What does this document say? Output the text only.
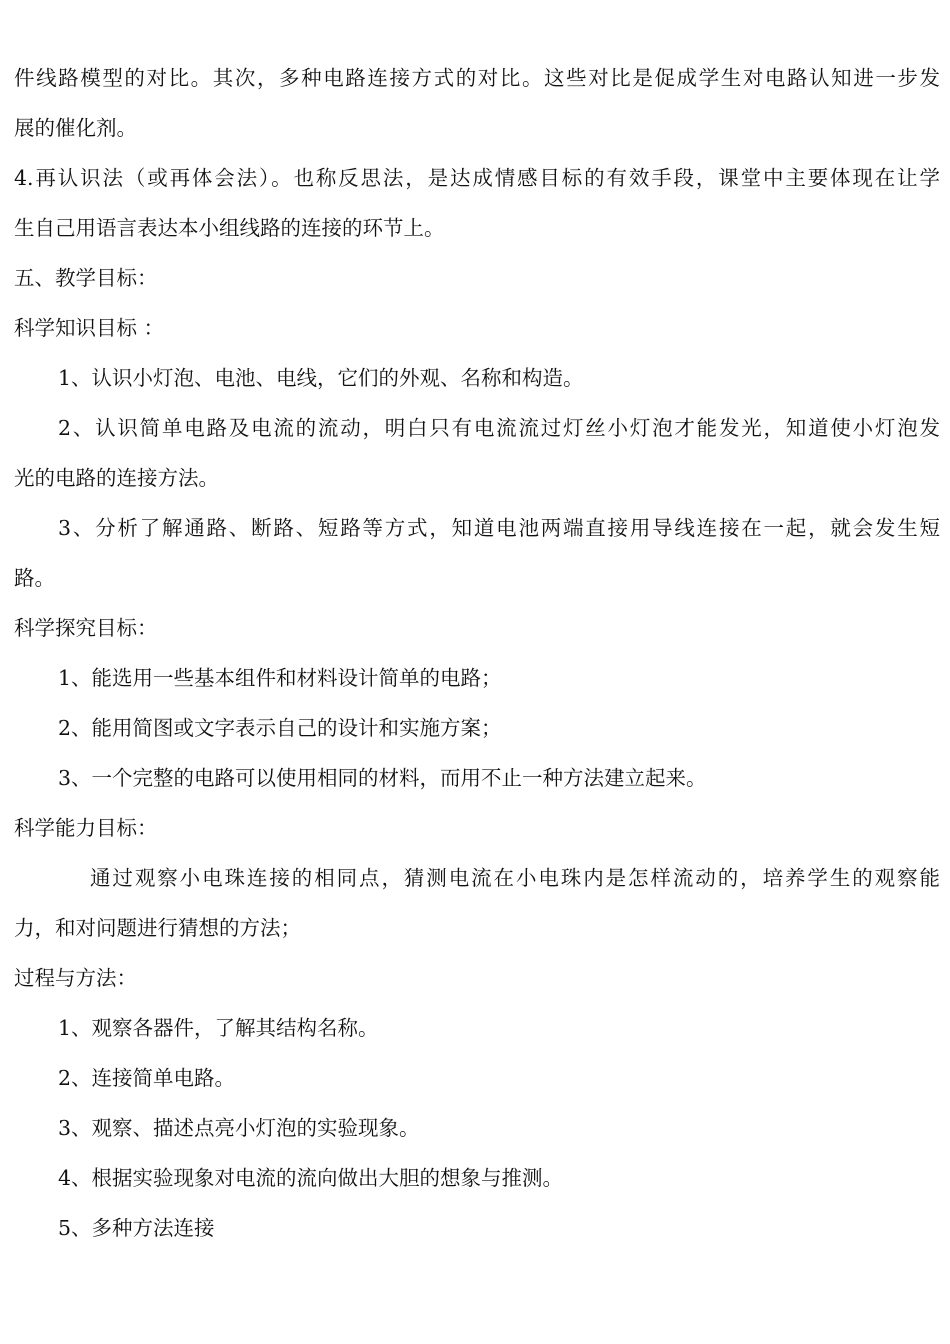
件线路模型的对比。其次，多种电路连接方式的对比。这些对比是促成学生对电路认知进一步发
展的催化剂。
4.再认识法（或再体会法）。也称反思法，是达成情感目标的有效手段，课堂中主要体现在让学
生自己用语言表达本小组线路的连接的环节上。
五、教学目标：
科学知识目标 ：
1、认识小灯泡、电池、电线，它们的外观、名称和构造。
2、认识简单电路及电流的流动，明白只有电流流过灯丝小灯泡才能发光，知道使小灯泡发
光的电路的连接方法。
3、分析了解通路、断路、短路等方式，知道电池两端直接用导线连接在一起，就会发生短
路。
科学探究目标：
1、能选用一些基本组件和材料设计简单的电路；
2、能用简图或文字表示自己的设计和实施方案；
3、一个完整的电路可以使用相同的材料，而用不止一种方法建立起来。
科学能力目标：
通过观察小电珠连接的相同点，猜测电流在小电珠内是怎样流动的，培养学生的观察能
力，和对问题进行猜想的方法；
过程与方法：
1、观察各器件，了解其结构名称。
2、连接简单电路。
3、观察、描述点亮小灯泡的实验现象。
4、根据实验现象对电流的流向做出大胆的想象与推测。
5、多种方法连接
